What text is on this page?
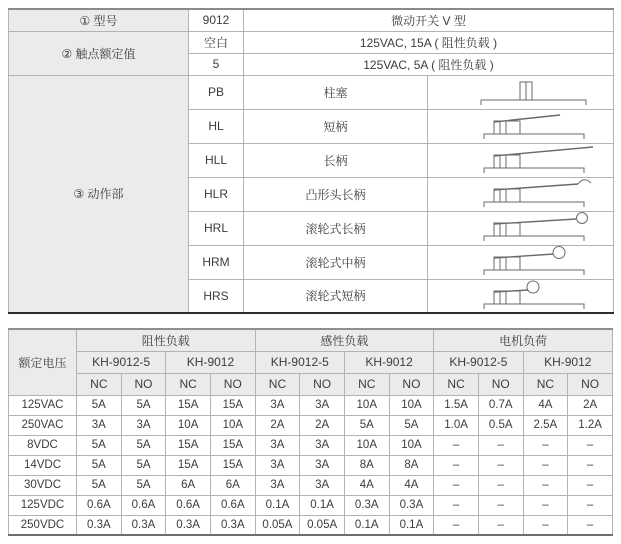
① 型号	9012	微动开关 V 型	
② 触点额定值	空白	125VAC, 15A ( 阻性负载 )	
	5	125VAC, 5A ( 阻性负载 )	
③ 动作部	PB	柱塞	

	HL	短柄	

	HLL	长柄	

	HLR	凸形头长柄	

	HRL	滚轮式长柄	

	HRM	滚轮式中柄	

	HRS	滚轮式短柄	
额定电压	阻性负载				感性负载				电机负荷			
	KH-9012-5		KH-9012		KH-9012-5		KH-9012		KH-9012-5		KH-9012	
	NC	NO	NC	NO	NC	NO	NC	NO	NC	NO	NC	NO
125VAC	5A	5A	15A	15A	3A	3A	10A	10A	1.5A	0.7A	4A	2A
250VAC	3A	3A	10A	10A	2A	2A	5A	5A	1.0A	0.5A	2.5A	1.2A
8VDC	5A	5A	15A	15A	3A	3A	10A	10A	–	–	–	–
14VDC	5A	5A	15A	15A	3A	3A	8A	8A	–	–	–	–
30VDC	5A	5A	6A	6A	3A	3A	4A	4A	–	–	–	–
125VDC	0.6A	0.6A	0.6A	0.6A	0.1A	0.1A	0.3A	0.3A	–	–	–	–
250VDC	0.3A	0.3A	0.3A	0.3A	0.05A	0.05A	0.1A	0.1A	–	–	–	–
